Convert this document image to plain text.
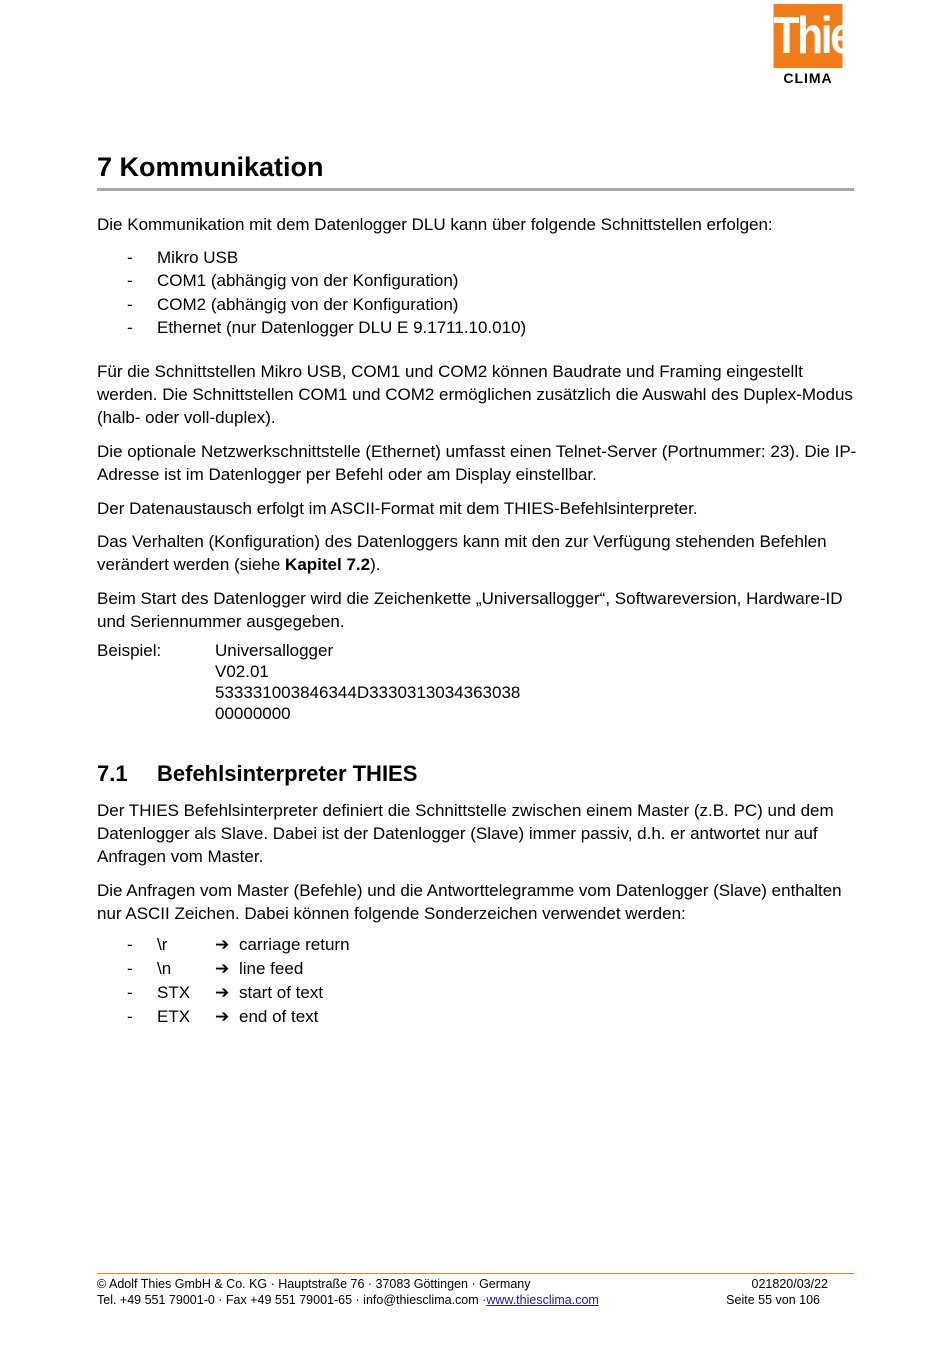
Thies
CLIMA
7 Kommunikation

Die Kommunikation mit dem Datenlogger DLU kann über folgende Schnittstellen erfolgen:

-	Mikro USB
-	COM1 (abhängig von der Konfiguration)
-	COM2 (abhängig von der Konfiguration)
-	Ethernet (nur Datenlogger DLU E 9.1711.10.010)

Für die Schnittstellen Mikro USB, COM1 und COM2 können Baudrate und Framing eingestellt werden. Die Schnittstellen COM1 und COM2 ermöglichen zusätzlich die Auswahl des Duplex-Modus (halb- oder voll-duplex).

Die optionale Netzwerkschnittstelle (Ethernet) umfasst einen Telnet-Server (Portnummer: 23). Die IP-Adresse ist im Datenlogger per Befehl oder am Display einstellbar.

Der Datenaustausch erfolgt im ASCII-Format mit dem THIES-Befehlsinterpreter.

Das Verhalten (Konfiguration) des Datenloggers kann mit den zur Verfügung stehenden Befehlen verändert werden (siehe Kapitel 7.2).

Beim Start des Datenlogger wird die Zeichenkette „Universallogger“, Softwareversion, Hardware-ID und Seriennummer ausgegeben.

Beispiel:	Universallogger
V02.01
533331003846344D3330313034363038
00000000
7.1 Befehlsinterpreter THIES

Der THIES Befehlsinterpreter definiert die Schnittstelle zwischen einem Master (z.B. PC) und dem Datenlogger als Slave. Dabei ist der Datenlogger (Slave) immer passiv, d.h. er antwortet nur auf Anfragen vom Master.

Die Anfragen vom Master (Befehle) und die Antworttelegramme vom Datenlogger (Slave) enthalten nur ASCII Zeichen. Dabei können folgende Sonderzeichen verwendet werden:

-	\r	➔ carriage return
-	\n	➔ line feed
-	STX	➔ start of text
-	ETX	➔ end of text
© Adolf Thies GmbH & Co. KG · Hauptstraße 76 · 37083 Göttingen · Germany
Tel. +49 551 79001-0 · Fax +49 551 79001-65 · info@thiesclima.com ·www.thiesclima.com
021820/03/22
Seite 55 von 106
